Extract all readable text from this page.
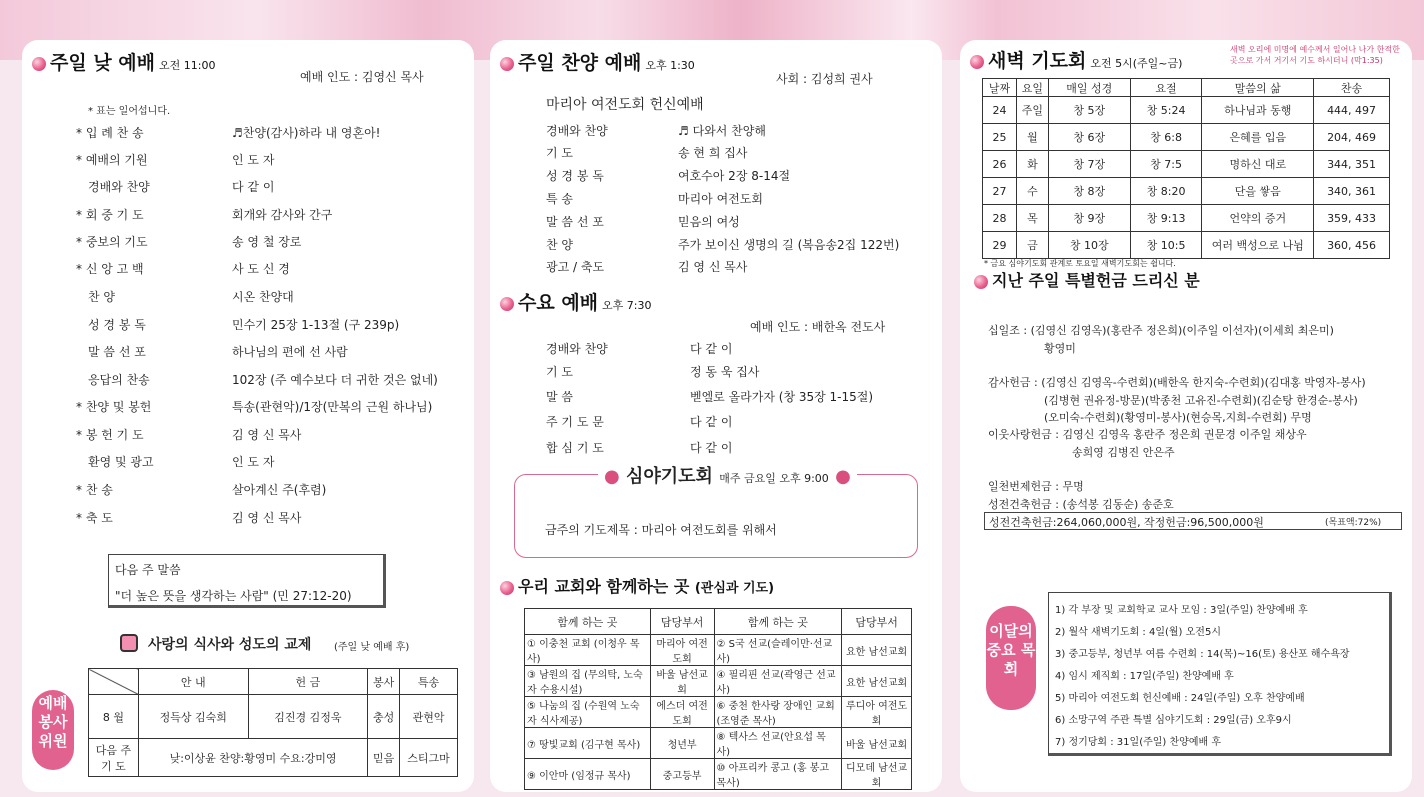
주일 낮 예배 오전 11:00
예배 인도 : 김영신 목사
* 표는 일어섭니다.
* 입 례 찬 송	♬찬양(감사)하라 내 영혼아!
* 예배의 기원	인 도 자
경배와 찬양	다 같 이
* 회 중 기 도	회개와 감사와 간구
* 중보의 기도	송 영 철 장로
* 신 앙 고 백	사 도 신 경
찬 양	시온 찬양대
성 경 봉 독	민수기 25장 1-13절 (구 239p)
말 씀 선 포	하나님의 편에 선 사람
응답의 찬송	102장 (주 예수보다 더 귀한 것은 없네)
* 찬양 및 봉헌	특송(관현악)/1장(만복의 근원 하나님)
* 봉 헌 기 도	김 영 신 목사
환영 및 광고	인 도 자
* 찬 송	살아계신 주(후렴)
* 축 도	김 영 신 목사
다음 주 말씀
"더 높은 뜻을 생각하는 사람" (민 27:12-20)
사랑의 식사와 성도의 교제 (주일 낮 예배 후)
	안 내	헌 금	봉사	특송
8 월	정득상 김숙희	김진경 김정욱	충성	관현악
다음 주 기 도	낮:이상윤 찬양:황영미 수요:강미영		믿음	스티그마
예배 봉사 위원
주일 찬양 예배 오후 1:30
사회 : 김성희 권사
마리아 여전도회 헌신예배
경배와 찬양	♬ 다와서 찬양해
기 도	송 현 희 집사
성 경 봉 독	여호수아 2장 8-14절
특 송	마리아 여전도회
말 씀 선 포	믿음의 여성
찬 양	주가 보이신 생명의 길 (복음송2집 122번)
광고 / 축도	김 영 신 목사
수요 예배 오후 7:30
예배 인도 : 배한옥 전도사
경배와 찬양	다 같 이
기 도	정 동 욱 집사
말 씀	벧엘로 올라가자 (창 35장 1-15절)
주 기 도 문	다 같 이
합 심 기 도	다 같 이
금주의 기도제목 : 마리아 여전도회를 위해서
● 심야기도회 매주 금요일 오후 9:00 ●
우리 교회와 함께하는 곳 (관심과 기도)
함께 하는 곳	담당부서	함께 하는 곳	담당부서
① 이충천 교회 (이청우 목사)	마리아 여전도회	② S국 선교(슬레이만·선교사)	요한 남선교회
③ 남원의 집 (무의탁, 노숙자 수용시설)	바울 남선교회	④ 필리핀 선교(곽영근 선교사)	요한 남선교회
⑤ 나눔의 집 (수원역 노숙자 식사제공)	에스더 여전도회	⑥ 중천 한사랑 장애인 교회 (조영준 목사)	루디아 여전도회
⑦ 땅빛교회 (김구현 목사)	청년부	⑧ 텍사스 선교(안요섭 목사)	바울 남선교회
⑨ 이안마 (임정규 목사)	중고등부	⑩ 아프리카 콩고 (홍 봉고 목사)	디모데 남선교회
새벽 기도회 오전 5시(주일~금)
새벽 오리에 미명에 예수께서 일어나 나가 한적한 곳으로 가서 거기서 기도 하시더니 (막1:35)
날짜	요일	매일 성경	요절	말씀의 삶	찬송
24	주일	창 5장	창 5:24	하나님과 동행	444, 497
25	월	창 6장	창 6:8	은혜를 입음	204, 469
26	화	창 7장	창 7:5	명하신 대로	344, 351
27	수	창 8장	창 8:20	단을 쌓음	340, 361
28	목	창 9장	창 9:13	언약의 증거	359, 433
29	금	창 10장	창 10:5	여러 백성으로 나뉨	360, 456
* 금요 심야기도회 관계로 토요일 새벽기도회는 쉽니다.
지난 주일 특별헌금 드리신 분
십일조 : (김영신 김영옥)(홍란주 정은희)(이주일 이선자)(이세희 최은미)
황영미
감사헌금 : (김영신 김영옥-수련회)(배한옥 한지숙-수련회)(김대홍 박영자-봉사)
(김병현 권유정-방문)(박종천 고유진-수련회)(김순탕 한경순-봉사)
(오미숙-수련회)(황영미-봉사)(현승목,지희-수련회) 무명
이웃사랑헌금 : 김영신 김영옥 홍란주 정은희 권문경 이주일 채상우
송희영 김병진 안은주
일천번제헌금 : 무명
성전건축헌금 : (송석봉 김동순) 송준호
성전건축헌금:264,060,000원, 작정헌금:96,500,000원	(목표액:72%)
이달의 중요 목회
1) 각 부장 및 교회학교 교사 모임 : 3일(주일) 찬양예배 후
2) 월삭 새벽기도회 : 4일(월) 오전5시
3) 중고등부, 청년부 여름 수련회 : 14(목)~16(토) 용산포 해수욕장
4) 임시 제직회 : 17일(주일) 찬양예배 후
5) 마리아 여전도회 헌신예배 : 24일(주일) 오후 찬양예배
6) 소망구역 주관 특별 심야기도회 : 29일(금) 오후9시
7) 정기당회 : 31일(주일) 찬양예배 후
